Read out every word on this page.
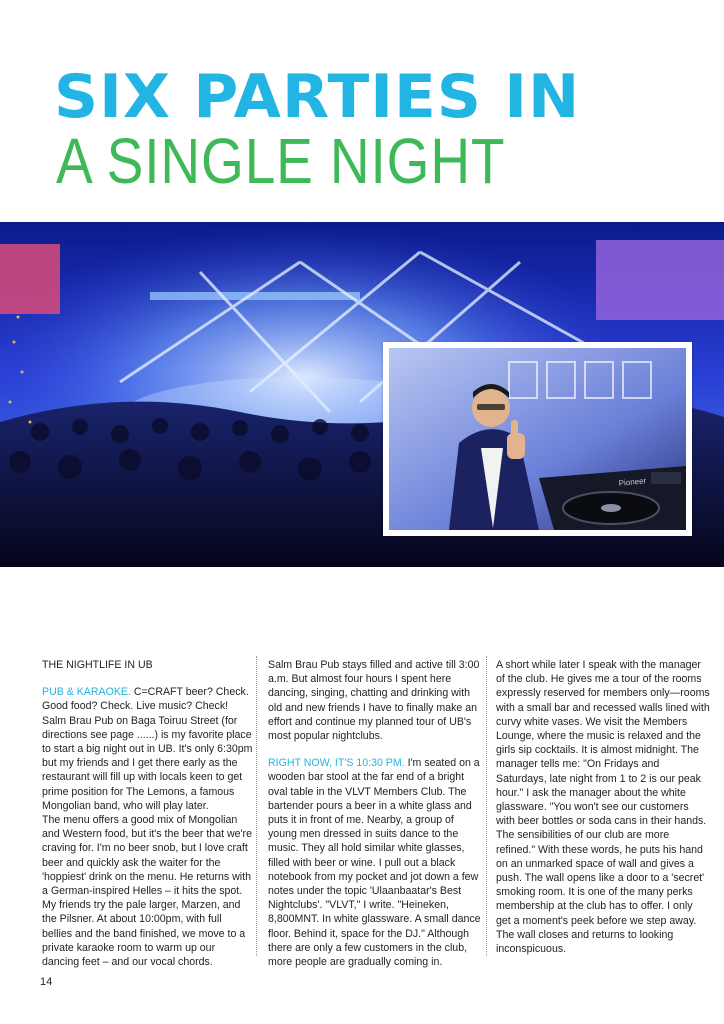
SIX PARTIES IN
A SINGLE NIGHT
Pioneer
THE NIGHTLIFE IN UB

PUB & KARAOKE. C=CRAFT beer? Check. Good food? Check. Live music? Check! Salm Brau Pub on Baga Toiruu Street (for directions see page ......) is my favorite place to start a big night out in UB. It's only 6:30pm but my friends and I get there early as the restaurant will fill up with locals keen to get prime position for The Lemons, a famous Mongolian band, who will play later.
The menu offers a good mix of Mongolian and Western food, but it's the beer that we're craving for. I'm no beer snob, but I love craft beer and quickly ask the waiter for the 'hoppiest' drink on the menu. He returns with a German-inspired Helles – it hits the spot. My friends try the pale larger, Marzen, and the Pilsner. At about 10:00pm, with full bellies and the band finished, we move to a private karaoke room to warm up our dancing feet – and our vocal chords.

Salm Brau Pub stays filled and active till 3:00 a.m. But almost four hours I spent here dancing, singing, chatting and drinking with old and new friends I have to finally make an effort and continue my planned tour of UB's most popular nightclubs.

RIGHT NOW, IT'S 10:30 PM. I'm seated on a wooden bar stool at the far end of a bright oval table in the VLVT Members Club. The bartender pours a beer in a white glass and puts it in front of me. Nearby, a group of young men dressed in suits dance to the music. They all hold similar white glasses, filled with beer or wine. I pull out a black notebook from my pocket and jot down a few notes under the topic 'Ulaanbaatar's Best Nightclubs'. "VLVT," I write. "Heineken, 8,800MNT. In white glassware. A small dance floor. Behind it, space for the DJ." Although there are only a few customers in the club, more people are gradually coming in.

A short while later I speak with the manager of the club. He gives me a tour of the rooms expressly reserved for members only—rooms with a small bar and recessed walls lined with curvy white vases. We visit the Members Lounge, where the music is relaxed and the girls sip cocktails. It is almost midnight. The manager tells me: "On Fridays and Saturdays, late night from 1 to 2 is our peak hour." I ask the manager about the white glassware. "You won't see our customers with beer bottles or soda cans in their hands. The sensibilities of our club are more refined." With these words, he puts his hand on an unmarked space of wall and gives a push. The wall opens like a door to a 'secret' smoking room. It is one of the many perks membership at the club has to offer. I only get a moment's peek before we step away. The wall closes and returns to looking inconspicuous.

14
